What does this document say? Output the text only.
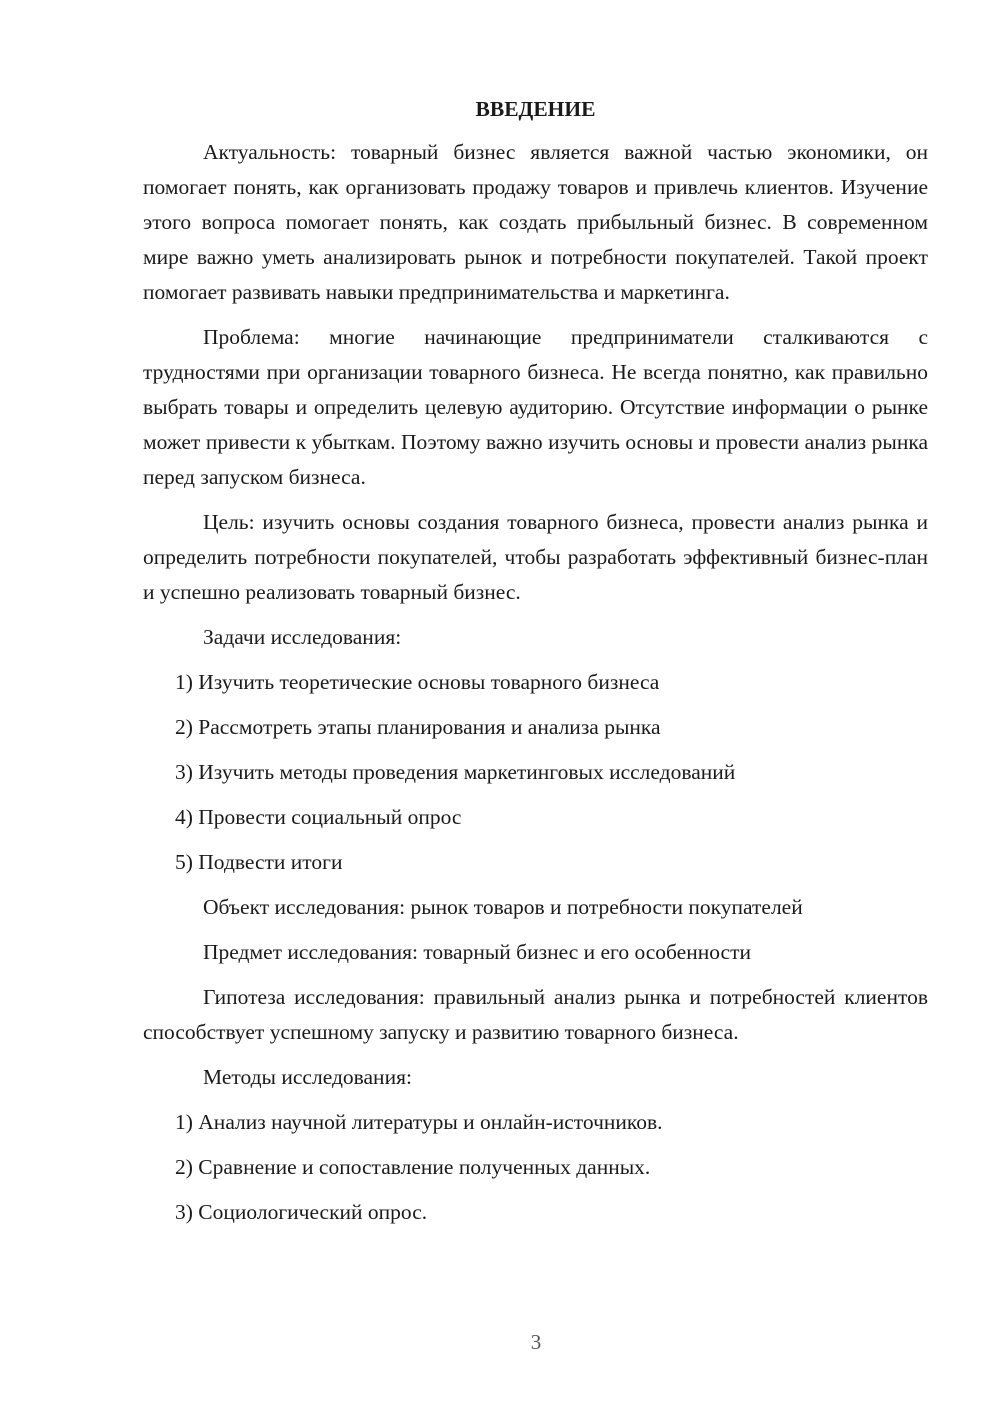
ВВЕДЕНИЕ

Актуальность: товарный бизнес является важной частью экономики, он помогает понять, как организовать продажу товаров и привлечь клиентов. Изучение этого вопроса помогает понять, как создать прибыльный бизнес. В современном мире важно уметь анализировать рынок и потребности покупателей. Такой проект помогает развивать навыки предпринимательства и маркетинга.

Проблема: многие начинающие предприниматели сталкиваются с трудностями при организации товарного бизнеса. Не всегда понятно, как правильно выбрать товары и определить целевую аудиторию. Отсутствие информации о рынке может привести к убыткам. Поэтому важно изучить основы и провести анализ рынка перед запуском бизнеса.

Цель: изучить основы создания товарного бизнеса, провести анализ рынка и определить потребности покупателей, чтобы разработать эффективный бизнес-план и успешно реализовать товарный бизнес.

Задачи исследования:

1) Изучить теоретические основы товарного бизнеса
2) Рассмотреть этапы планирования и анализа рынка
3) Изучить методы проведения маркетинговых исследований
4) Провести социальный опрос
5) Подвести итоги

Объект исследования: рынок товаров и потребности покупателей

Предмет исследования: товарный бизнес и его особенности

Гипотеза исследования: правильный анализ рынка и потребностей клиентов способствует успешному запуску и развитию товарного бизнеса.

Методы исследования:

1) Анализ научной литературы и онлайн-источников.
2) Сравнение и сопоставление полученных данных.
3) Социологический опрос.
3
